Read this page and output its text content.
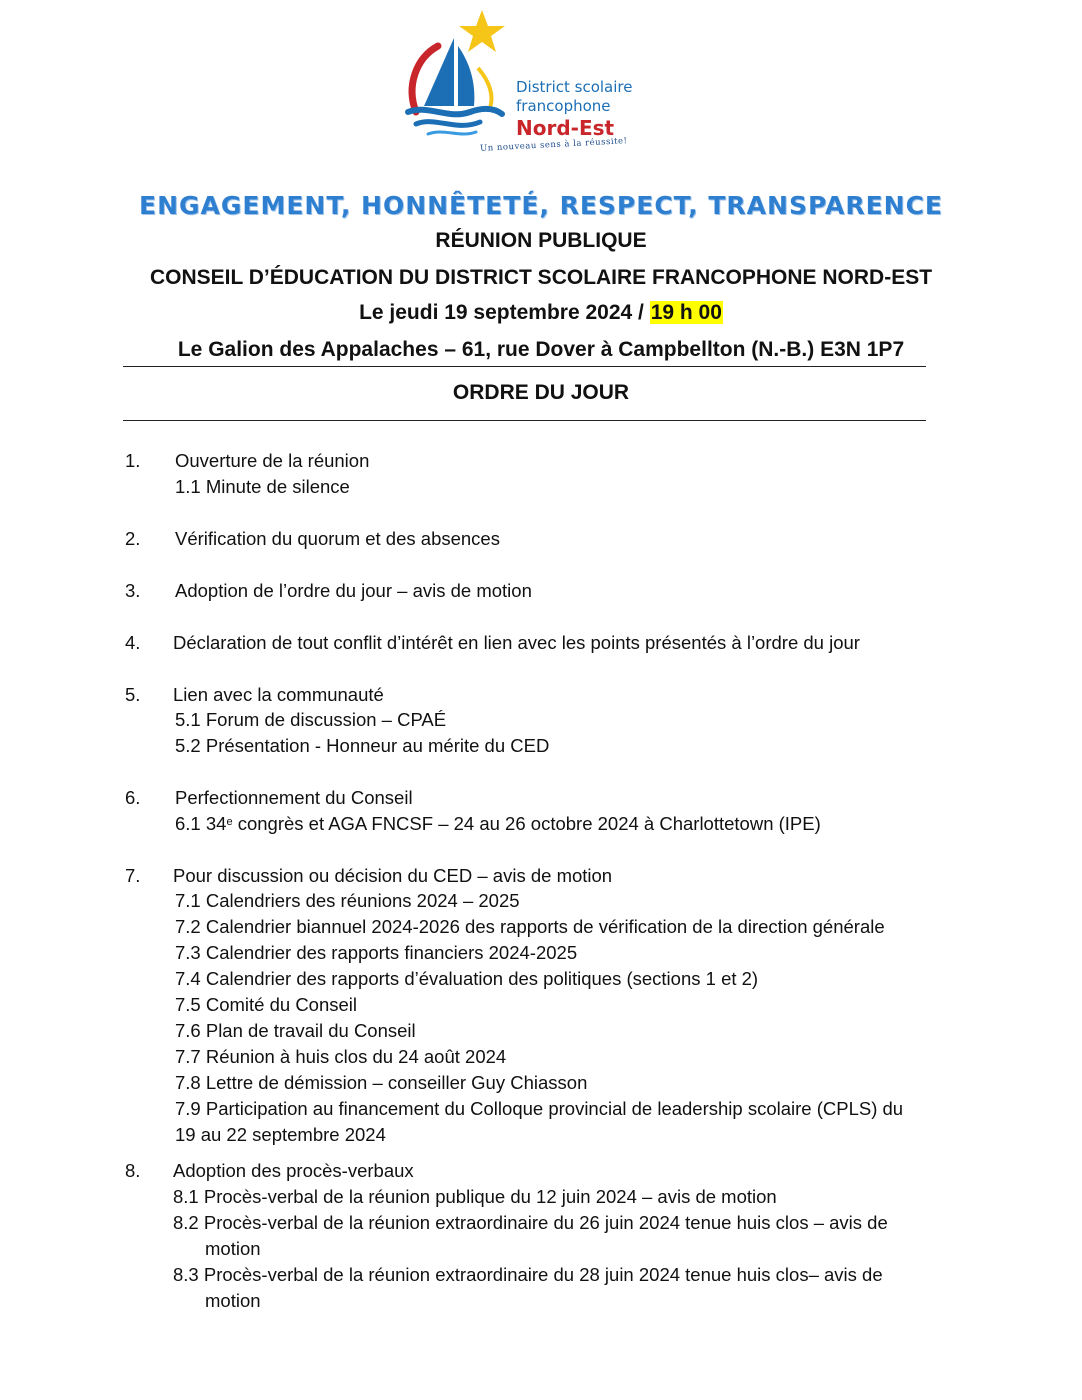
District scolaire
francophone
Nord-Est
Un nouveau sens à la réussite!
ENGAGEMENT, HONNÊTETÉ, RESPECT, TRANSPARENCE
RÉUNION PUBLIQUE
CONSEIL D’ÉDUCATION DU DISTRICT SCOLAIRE FRANCOPHONE NORD-EST
Le jeudi 19 septembre 2024 / 19 h 00
Le Galion des Appalaches – 61, rue Dover à Campbellton (N.-B.) E3N 1P7
ORDRE DU JOUR
1. Ouverture de la réunion
1.1 Minute de silence
2. Vérification du quorum et des absences
3. Adoption de l’ordre du jour – avis de motion
4. Déclaration de tout conflit d’intérêt en lien avec les points présentés à l’ordre du jour
5. Lien avec la communauté
5.1 Forum de discussion – CPAÉ
5.2 Présentation - Honneur au mérite du CED
6. Perfectionnement du Conseil
6.1 34e congrès et AGA FNCSF – 24 au 26 octobre 2024 à Charlottetown (IPE)
7. Pour discussion ou décision du CED – avis de motion
7.1 Calendriers des réunions 2024 – 2025
7.2 Calendrier biannuel 2024-2026 des rapports de vérification de la direction générale
7.3 Calendrier des rapports financiers 2024-2025
7.4 Calendrier des rapports d’évaluation des politiques (sections 1 et 2)
7.5 Comité du Conseil
7.6 Plan de travail du Conseil
7.7 Réunion à huis clos du 24 août 2024
7.8 Lettre de démission – conseiller Guy Chiasson
7.9 Participation au financement du Colloque provincial de leadership scolaire (CPLS) du
19 au 22 septembre 2024
8. Adoption des procès-verbaux
8.1 Procès-verbal de la réunion publique du 12 juin 2024 – avis de motion
8.2 Procès-verbal de la réunion extraordinaire du 26 juin 2024 tenue huis clos – avis de
motion
8.3 Procès-verbal de la réunion extraordinaire du 28 juin 2024 tenue huis clos– avis de
motion
